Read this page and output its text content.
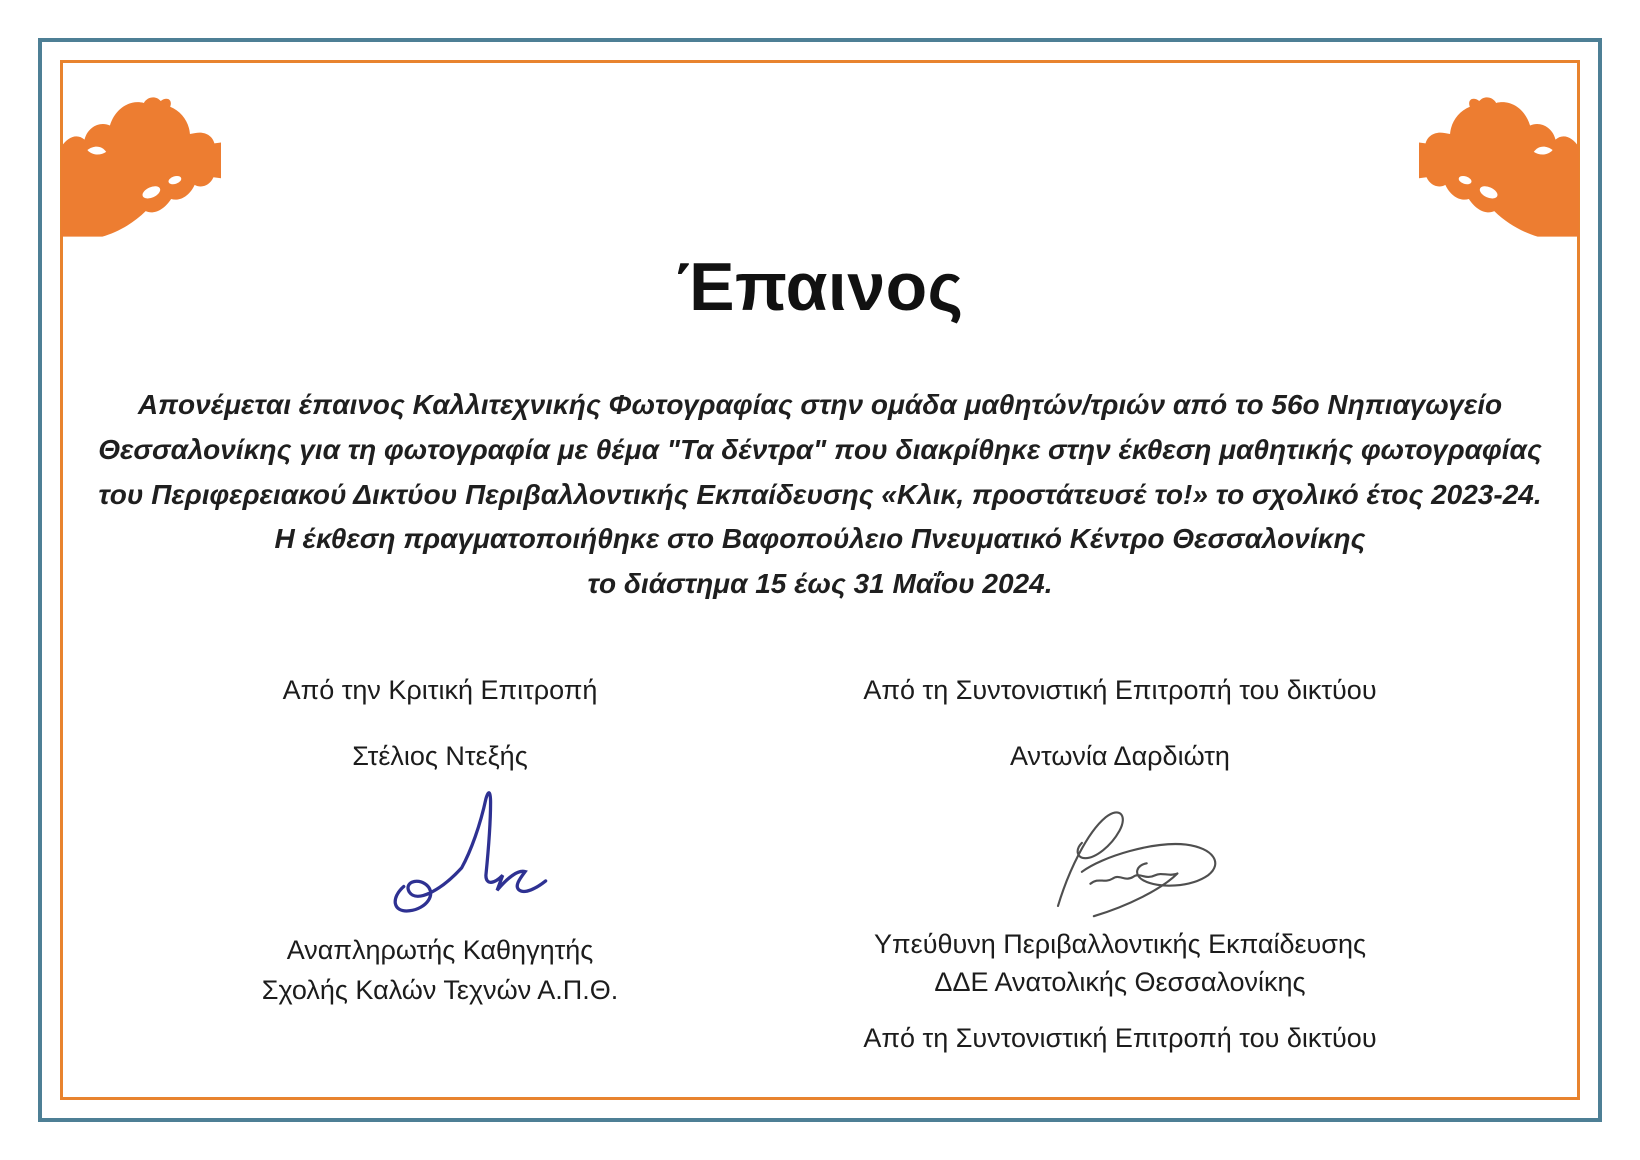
Έπαινος
Απονέμεται έπαινος Καλλιτεχνικής Φωτογραφίας στην ομάδα μαθητών/τριών από το 56ο Νηπιαγωγείο
Θεσσαλονίκης για τη φωτογραφία με θέμα "Τα δέντρα" που διακρίθηκε στην έκθεση μαθητικής φωτογραφίας
του Περιφερειακού Δικτύου Περιβαλλοντικής Εκπαίδευσης «Κλικ, προστάτευσέ το!» το σχολικό έτος 2023-24.
Η έκθεση πραγματοποιήθηκε στο Βαφοπούλειο Πνευματικό Κέντρο Θεσσαλονίκης
το διάστημα 15 έως 31 Μαΐου 2024.
Από την Κριτική Επιτροπή
Στέλιος Ντεξής
Αναπληρωτής Καθηγητής
Σχολής Καλών Τεχνών Α.Π.Θ.
Από τη Συντονιστική Επιτροπή του δικτύου
Αντωνία Δαρδιώτη
Υπεύθυνη Περιβαλλοντικής Εκπαίδευσης
ΔΔΕ Ανατολικής Θεσσαλονίκης
Από τη Συντονιστική Επιτροπή του δικτύου
